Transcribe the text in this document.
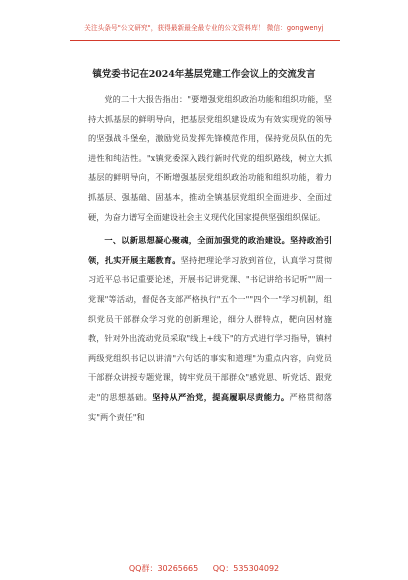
关注头条号"公文研究"，获得最新最全最专业的公文资料库！ 微信：gongwenyj
镇党委书记在2024年基层党建工作会议上的交流发言

党的二十大报告指出："要增强党组织政治功能和组织功能，坚持大抓基层的鲜明导向，把基层党组织建设成为有效实现党的领导的坚强战斗堡垒，激励党员发挥先锋模范作用，保持党员队伍的先进性和纯洁性。"x镇党委深入践行新时代党的组织路线，树立大抓基层的鲜明导向，不断增强基层党组织政治功能和组织功能，着力抓基层、强基础、固基本，推动全镇基层党组织全面进步、全面过硬，为奋力谱写全面建设社会主义现代化国家提供坚强组织保证。

一、以新思想凝心聚魂，全面加强党的政治建设。坚持政治引领，扎实开展主题教育。坚持把理论学习放到首位，认真学习贯彻习近平总书记重要论述，开展书记讲党课、"书记讲给书记听""周一党课"等活动，督促各支部严格执行"五个一""四个一"学习机制，组织党员干部群众学习党的创新理论，细分人群特点，靶向因材施教，针对外出流动党员采取"线上+线下"的方式进行学习指导，镇村两级党组织书记以讲清"六句话的事实和道理"为重点内容，向党员干部群众讲授专题党课，铸牢党员干部群众"感党恩、听党话、跟党走"的思想基础。坚持从严治党，提高履职尽责能力。严格贯彻落实"两个责任"和

QQ群：30265665 QQ：535304092
